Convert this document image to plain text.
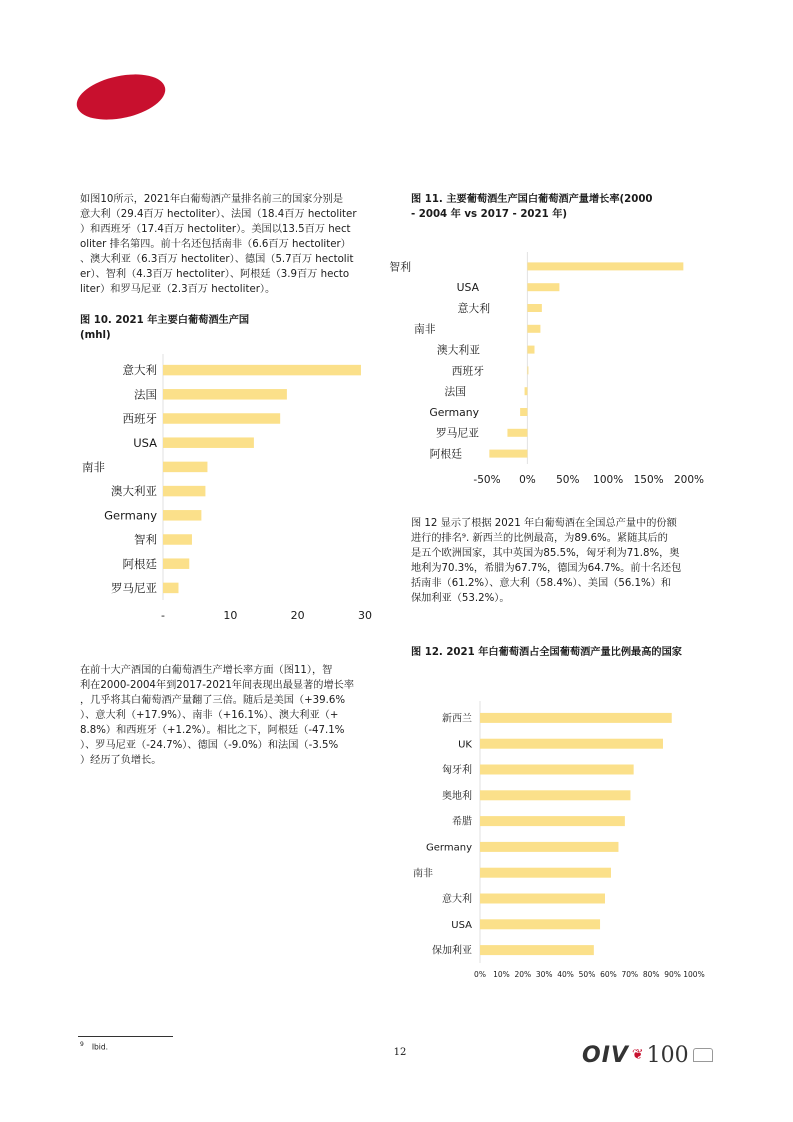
如图10所示，2021年白葡萄酒产量排名前三的国家分别是
意大利（29.4百万 hectoliter）、法国（18.4百万 hectoliter
）和西班牙（17.4百万 hectoliter）。美国以13.5百万 hect
oliter 排名第四。前十名还包括南非（6.6百万 hectoliter）
、澳大利亚（6.3百万 hectoliter）、德国（5.7百万 hectolit
er）、智利（4.3百万 hectoliter）、阿根廷（3.9百万 hecto
liter）和罗马尼亚（2.3百万 hectoliter）。
图 10. 2021 年主要白葡萄酒生产国
(mhl)
意大利
法国
西班牙
USA
南非
澳大利亚
Germany
智利
阿根廷
罗马尼亚
-	10	20	30
在前十大产酒国的白葡萄酒生产增长率方面（图11），智
利在2000-2004年到2017-2021年间表现出最显著的增长率
，几乎将其白葡萄酒产量翻了三倍。随后是美国（+39.6%
）、意大利（+17.9%）、南非（+16.1%）、澳大利亚（+
8.8%）和西班牙（+1.2%）。相比之下，阿根廷（-47.1%
）、罗马尼亚（-24.7%）、德国（-9.0%）和法国（-3.5%
）经历了负增长。
图 11. 主要葡萄酒生产国白葡萄酒产量增长率(2000
- 2004 年 vs 2017 - 2021 年)
智利
USA
意大利
南非
澳大利亚
西班牙
法国
Germany
罗马尼亚
阿根廷
-50% 0% 50% 100% 150% 200%
图 12 显示了根据 2021 年白葡萄酒在全国总产量中的份额
进行的排名⁹. 新西兰的比例最高，为89.6%。紧随其后的
是五个欧洲国家，其中英国为85.5%，匈牙利为71.8%，奥
地利为70.3%，希腊为67.7%，德国为64.7%。前十名还包
括南非（61.2%）、意大利（58.4%）、美国（56.1%）和
保加利亚（53.2%）。
图 12. 2021 年白葡萄酒占全国葡萄酒产量比例最高的国家
新西兰
UK
匈牙利
奥地利
希腊
Germany
南非
意大利
USA
保加利亚
0% 10% 20% 30% 40% 50% 60% 70% 80% 90% 100%
$^9$ Ibid.	12	OIV ❦ 100
